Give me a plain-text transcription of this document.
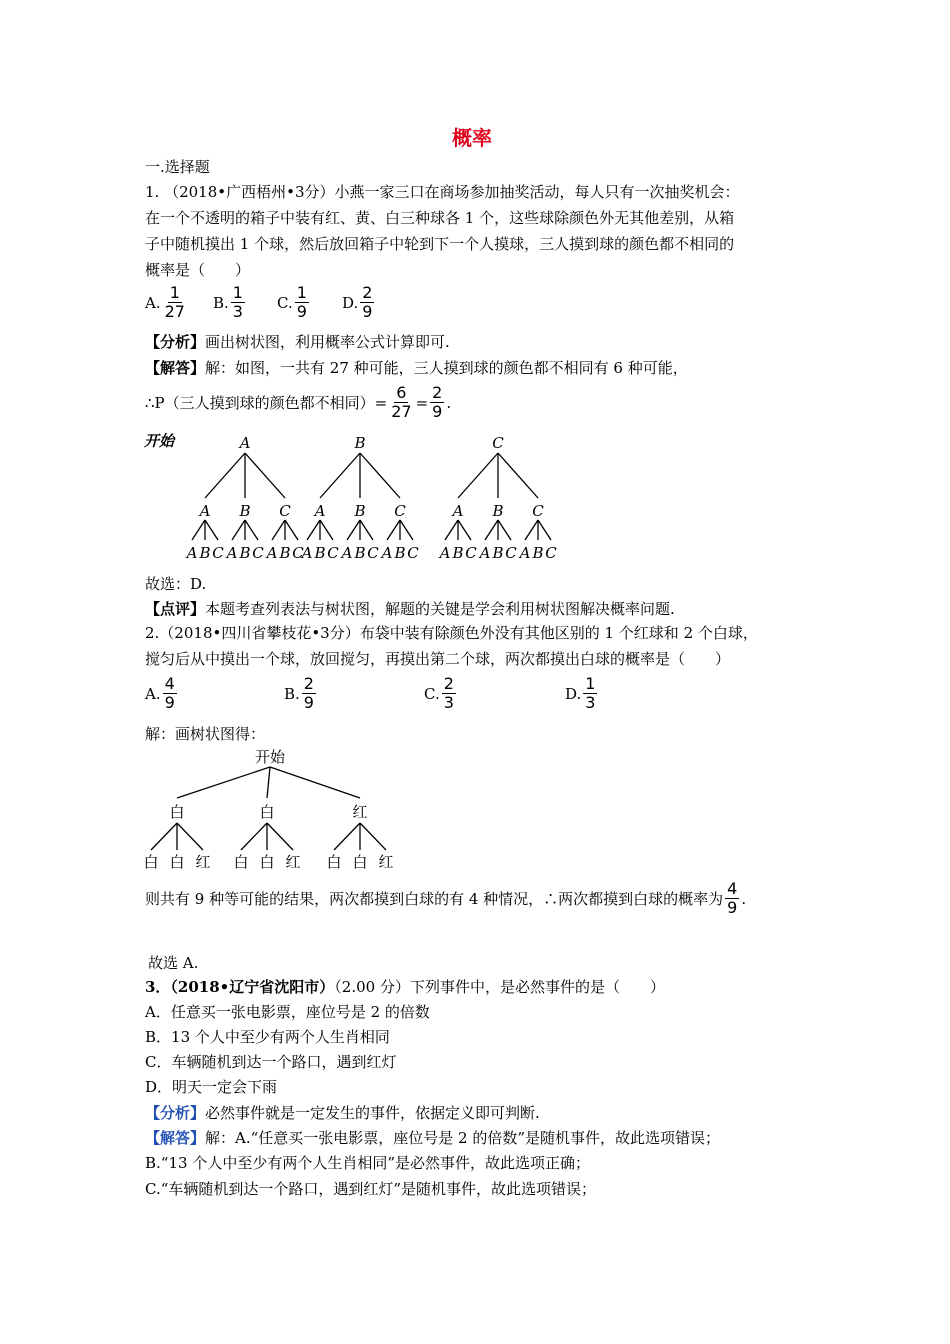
概率
一.选择题
1. （2018•广西梧州•3分）小燕一家三口在商场参加抽奖活动，每人只有一次抽奖机会：
在一个不透明的箱子中装有红、黄、白三种球各 1 个，这些球除颜色外无其他差别，从箱
子中随机摸出 1 个球，然后放回箱子中轮到下一个人摸球，三人摸到球的颜色都不相同的
概率是（　　）
A. $\frac{1}{27} B$. $\frac{1}{3} C$. $\frac{1}{9} D$. $\frac{2}{9}$
【分析】画出树状图，利用概率公式计算即可.
【解答】解：如图，一共有 27 种可能，三人摸到球的颜色都不相同有 6 种可能，
∴P（三人摸到球的颜色都不相同）= $\frac{6}{27} = \frac{2}{9}$ .
开始	A
A
A B C
B
A B C
C
A B C
B
A
A B C
B
A B C
C
A B C
C
A
A B C
B
A B C
C
A B C
故选：D.
【点评】本题考查列表法与树状图，解题的关键是学会利用树状图解决概率问题.
2.（2018•四川省攀枝花•3分）布袋中装有除颜色外没有其他区别的 1 个红球和 2 个白球，
搅匀后从中摸出一个球，放回搅匀，再摸出第二个球，两次都摸出白球的概率是（　　）
A. $\frac{4}{9}$	B. $\frac{2}{9}$	C. $\frac{2}{3}$	D. $\frac{1}{3}$
解：画树状图得：
开始
白
白 白 红
白
白 白 红
红
白 白 红
则共有 9 种等可能的结果，两次都摸到白球的有 4 种情况，∴两次都摸到白球的概率为 $\frac{4}{9}$ .
故选 A.
3．（2018•辽宁省沈阳市）（2.00 分）下列事件中，是必然事件的是（　　）
A．任意买一张电影票，座位号是 2 的倍数
B．13 个人中至少有两个人生肖相同
C．车辆随机到达一个路口，遇到红灯
D．明天一定会下雨
【分析】必然事件就是一定发生的事件，依据定义即可判断.
【解答】解：A.“任意买一张电影票，座位号是 2 的倍数”是随机事件，故此选项错误；
B.“13 个人中至少有两个人生肖相同”是必然事件，故此选项正确；
C.“车辆随机到达一个路口，遇到红灯”是随机事件，故此选项错误；
